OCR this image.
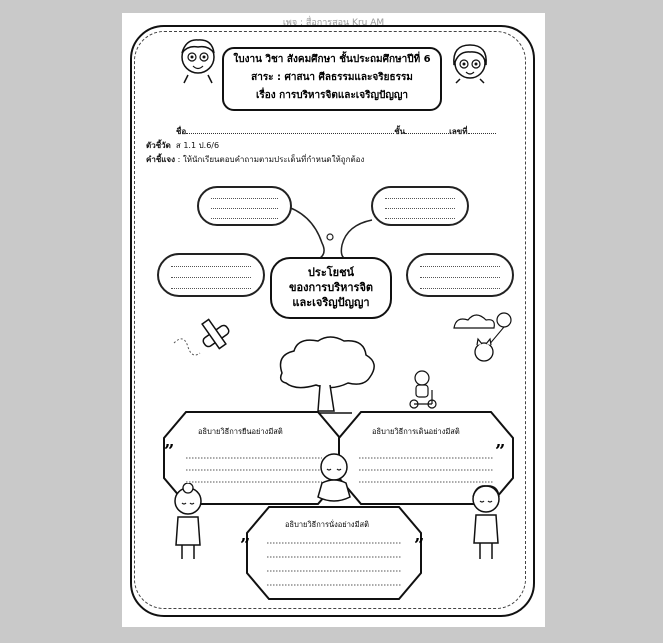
เพจ : สื่อการสอน Kru AM
ใบงาน วิชา สังคมศึกษา ชั้นประถมศึกษาปีที่ 6
สาระ : ศาสนา ศีลธรรมและจริยธรรม
เรื่อง การบริหารจิตและเจริญปัญญา
ชื่อ	ชั้น	เลขที่
ตัวชี้วัด ส 1.1 ป.6/6
คำชี้แจง : ให้นักเรียนตอบคำถามตามประเด็นที่กำหนดให้ถูกต้อง
ประโยชน์
ของการบริหารจิต
และเจริญปัญญา
อธิบายวิธีการยืนอย่างมีสติ
”
อธิบายวิธีการเดินอย่างมีสติ
”
อธิบายวิธีการนั่งอย่างมีสติ
”	”
